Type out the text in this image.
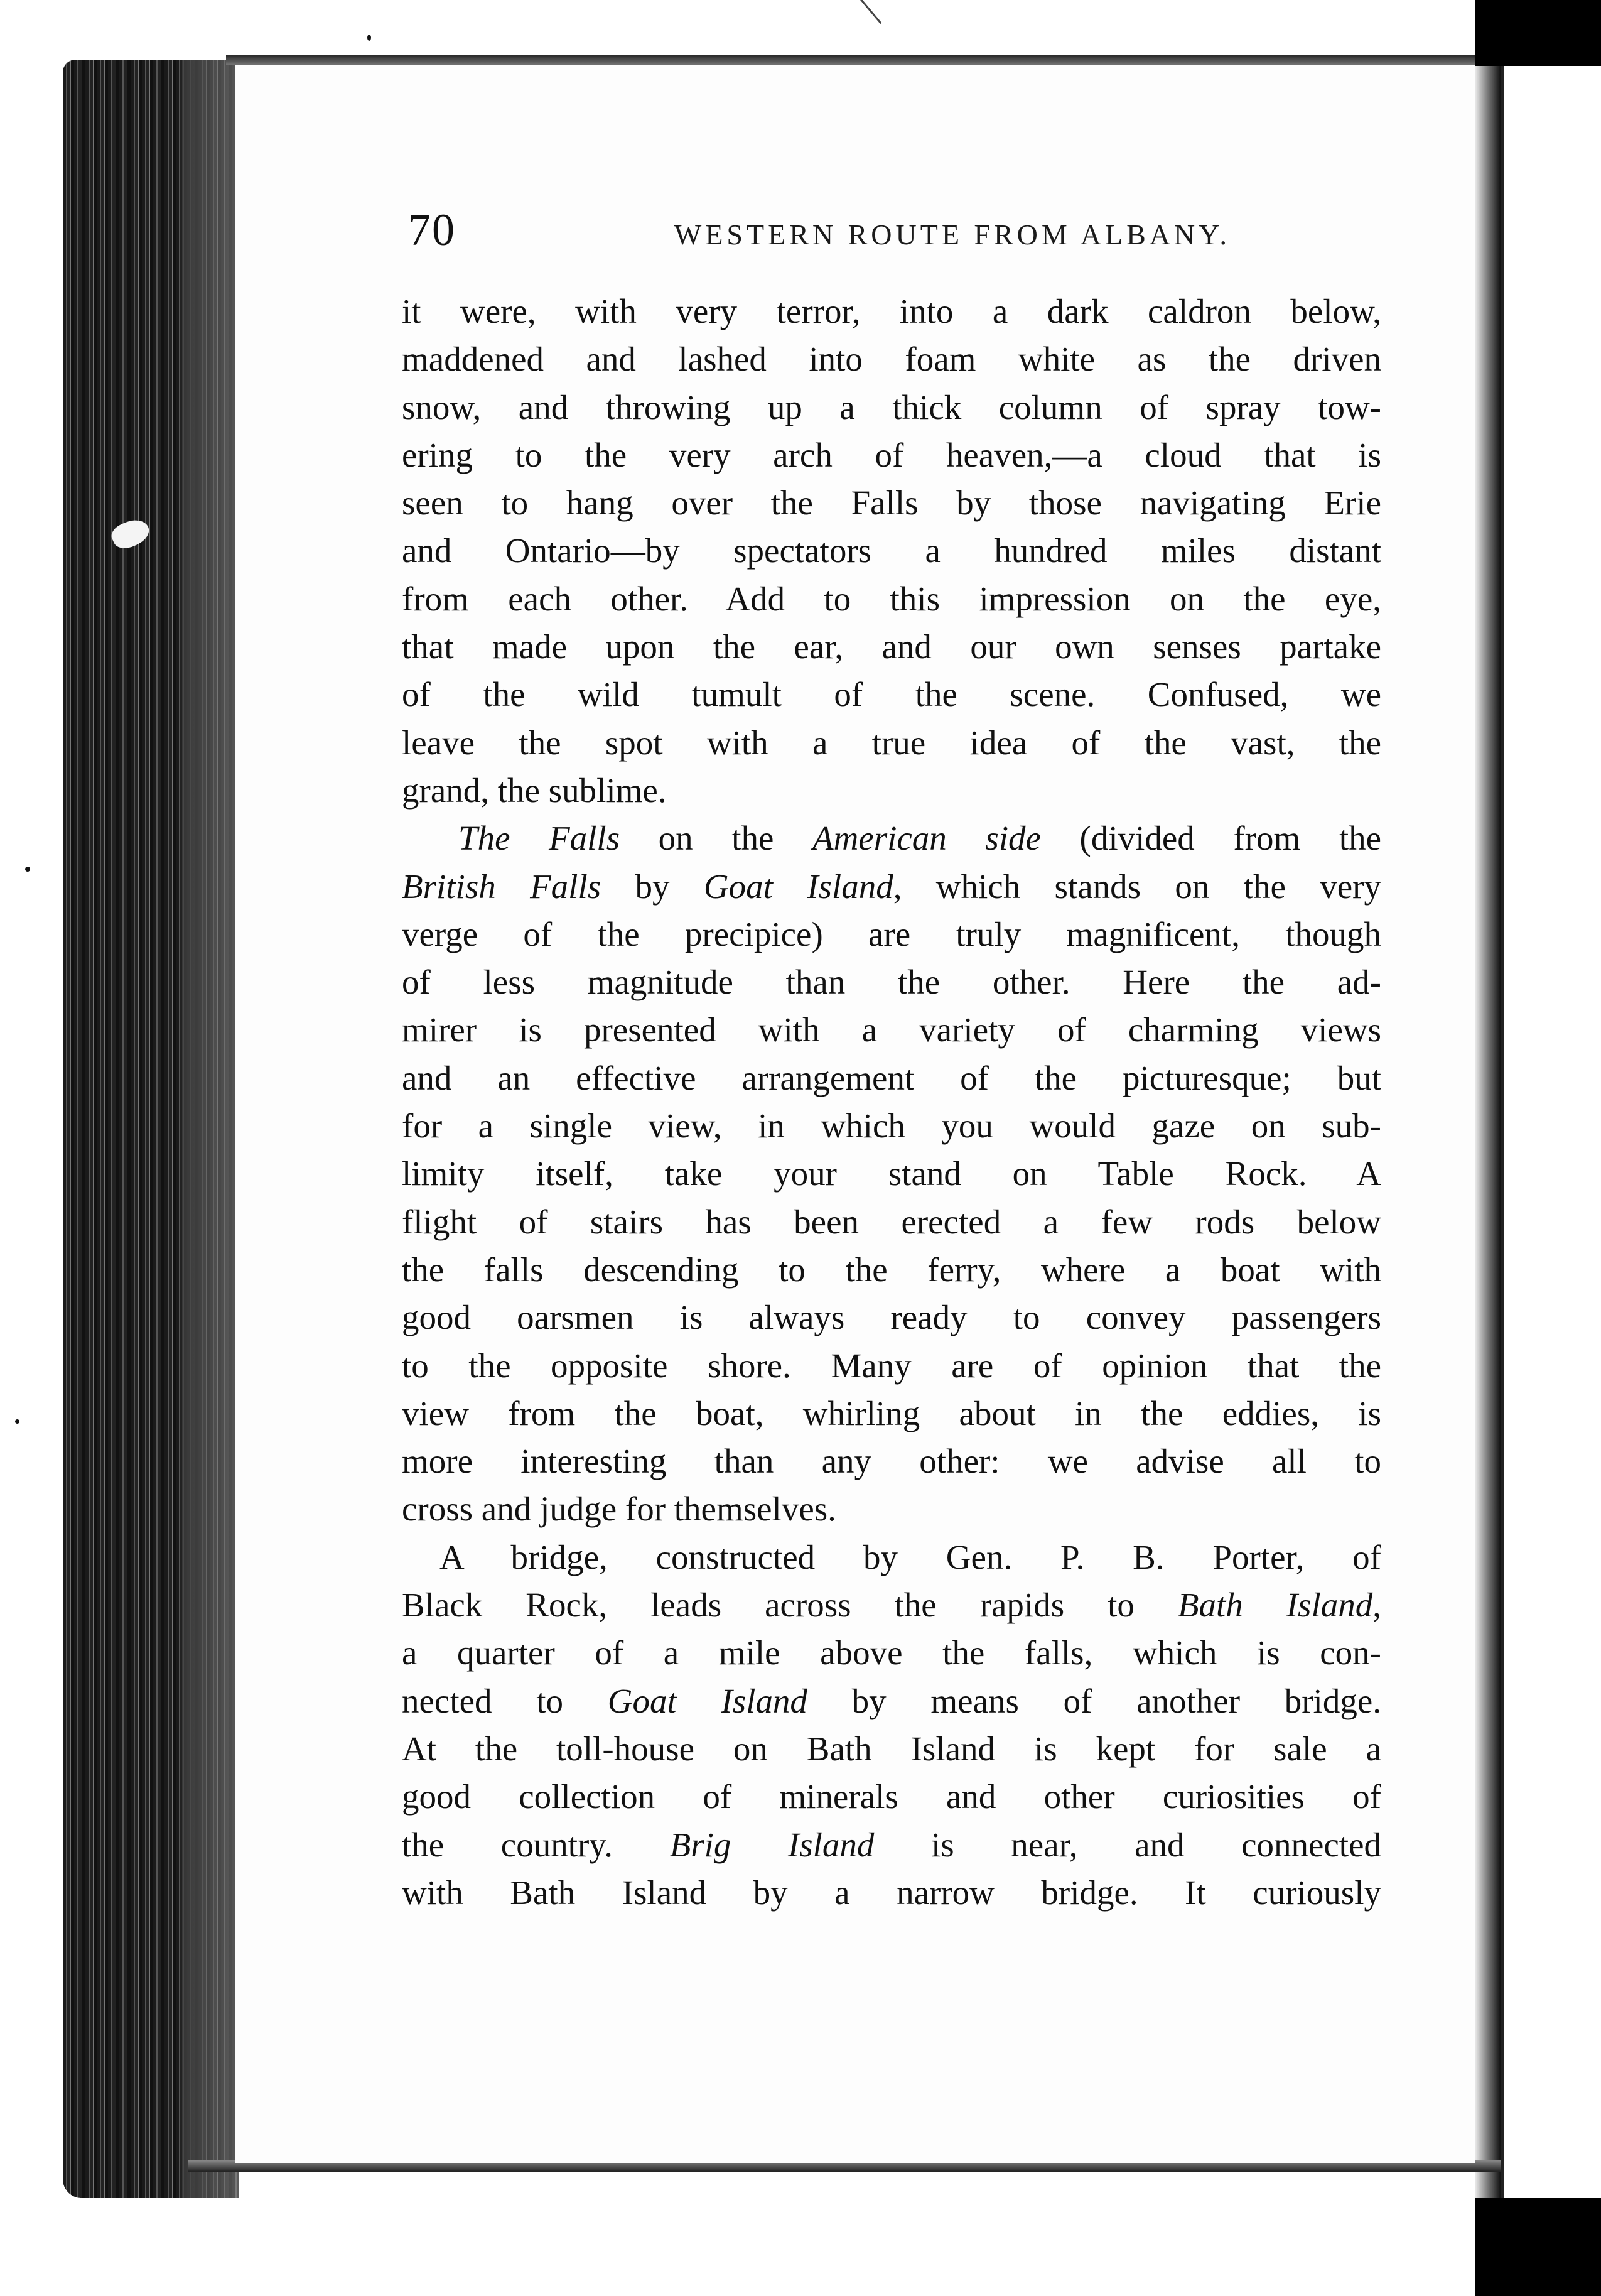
70	WESTERN ROUTE FROM ALBANY.
it were, with very terror, into a dark caldron below,
maddened and lashed into foam white as the driven
snow, and throwing up a thick column of spray tow-
ering to the very arch of heaven,—a cloud that is
seen to hang over the Falls by those navigating Erie
and Ontario—by spectators a hundred miles distant
from each other. Add to this impression on the eye,
that made upon the ear, and our own senses partake
of the wild tumult of the scene. Confused, we
leave the spot with a true idea of the vast, the
grand, the sublime.
The Falls on the American side (divided from the
British Falls by Goat Island, which stands on the very
verge of the precipice) are truly magnificent, though
of less magnitude than the other. Here the ad-
mirer is presented with a variety of charming views
and an effective arrangement of the picturesque; but
for a single view, in which you would gaze on sub-
limity itself, take your stand on Table Rock. A
flight of stairs has been erected a few rods below
the falls descending to the ferry, where a boat with
good oarsmen is always ready to convey passengers
to the opposite shore. Many are of opinion that the
view from the boat, whirling about in the eddies, is
more interesting than any other: we advise all to
cross and judge for themselves.
A bridge, constructed by Gen. P. B. Porter, of
Black Rock, leads across the rapids to Bath Island,
a quarter of a mile above the falls, which is con-
nected to Goat Island by means of another bridge.
At the toll-house on Bath Island is kept for sale a
good collection of minerals and other curiosities of
the country. Brig Island is near, and connected
with Bath Island by a narrow bridge. It curiously
